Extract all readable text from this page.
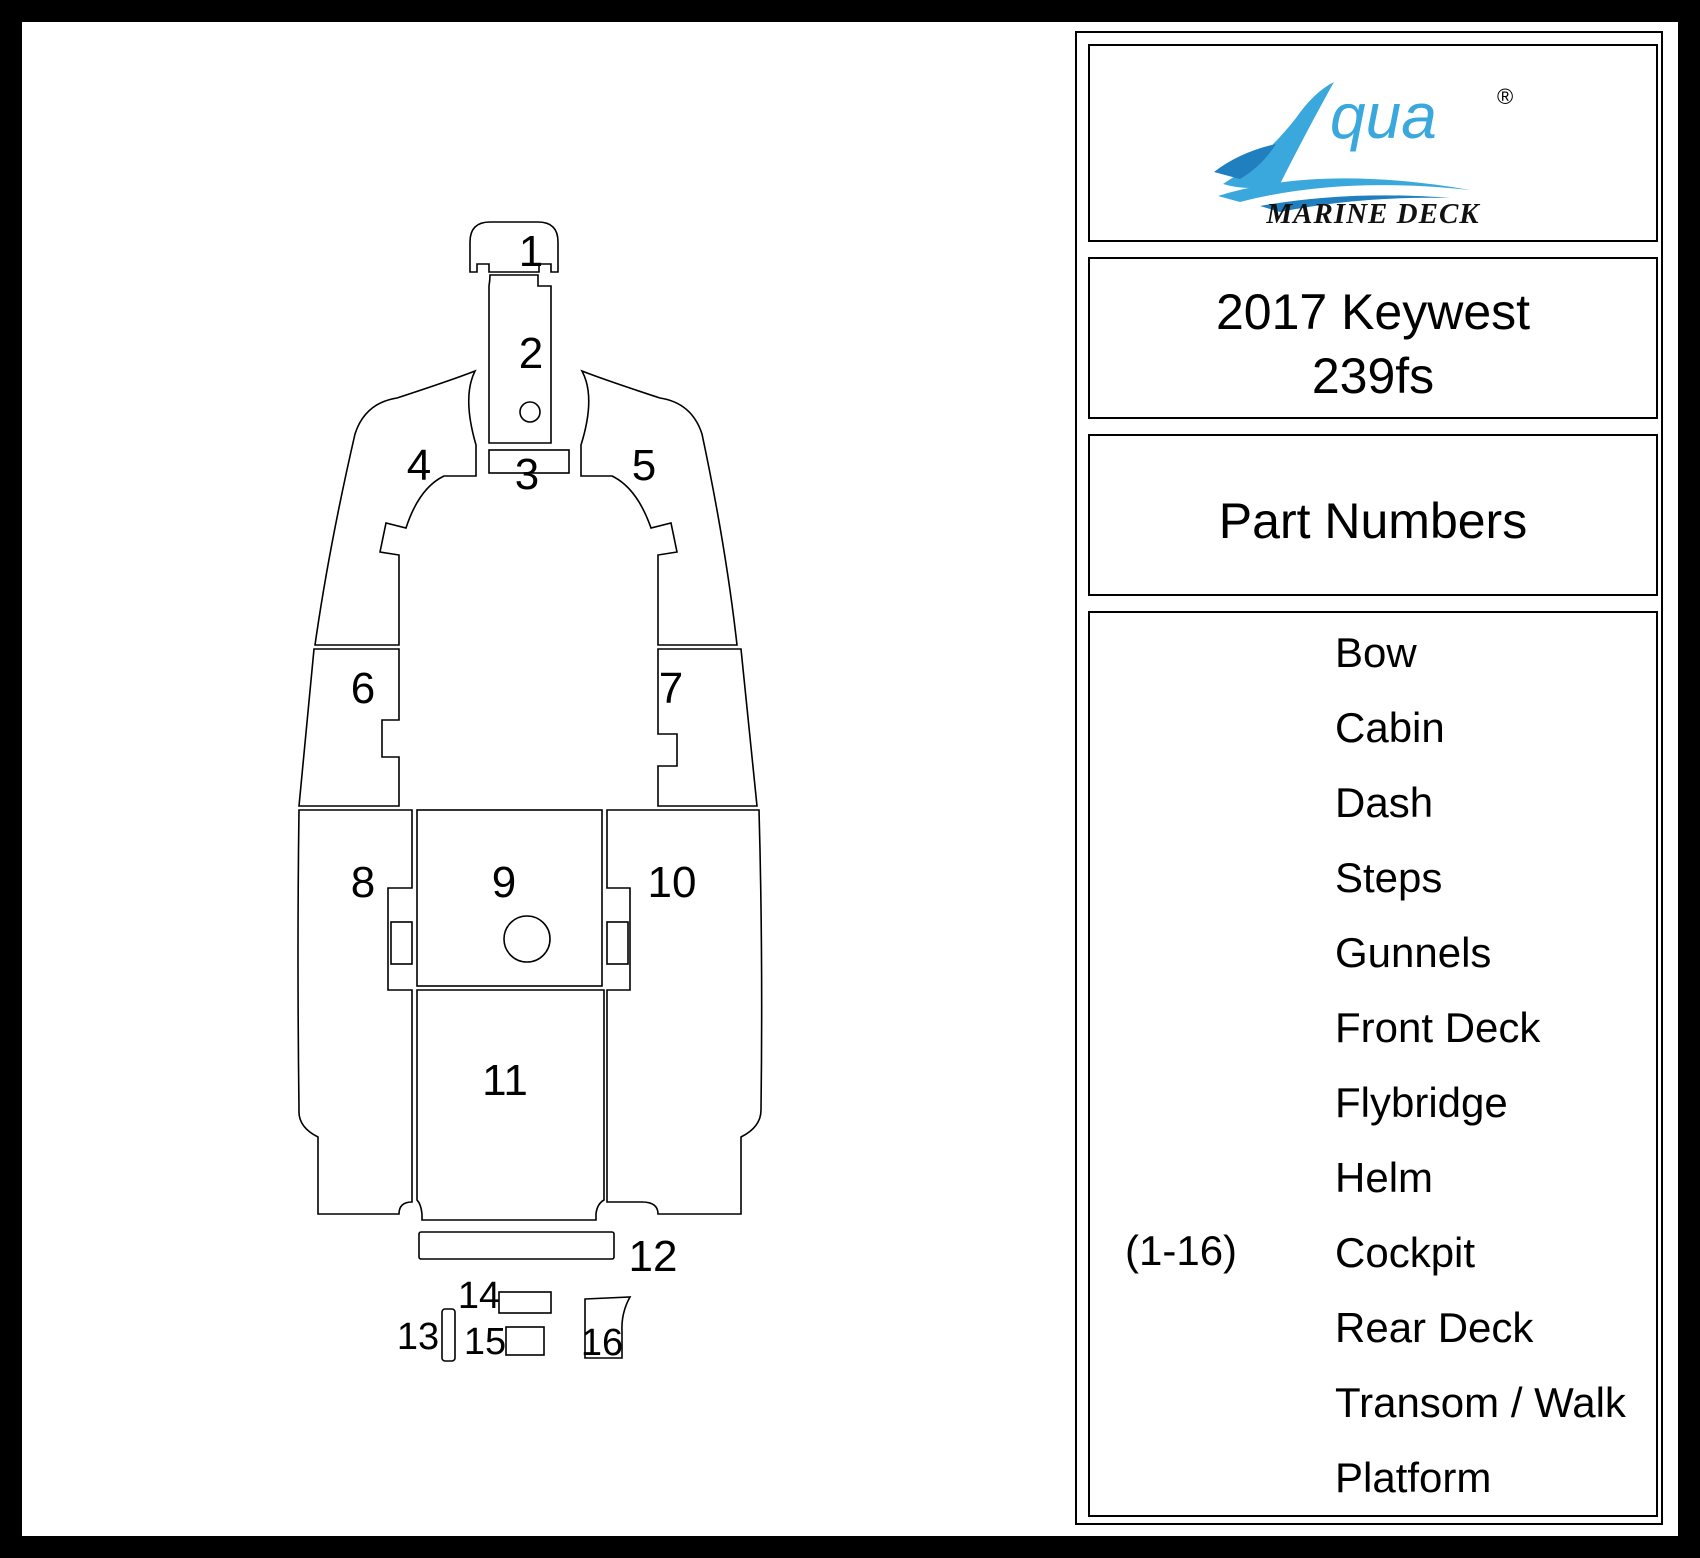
1
2
3
4	5
6	7
8	9	10
11
12
13
14
15 16
qua	®
MARINE DECK
2017 Keywest
239fs
Part Numbers
(1-16)
Bow
Cabin
Dash
Steps
Gunnels
Front Deck
Flybridge
Helm
Cockpit
Rear Deck
Transom / Walk
Platform
